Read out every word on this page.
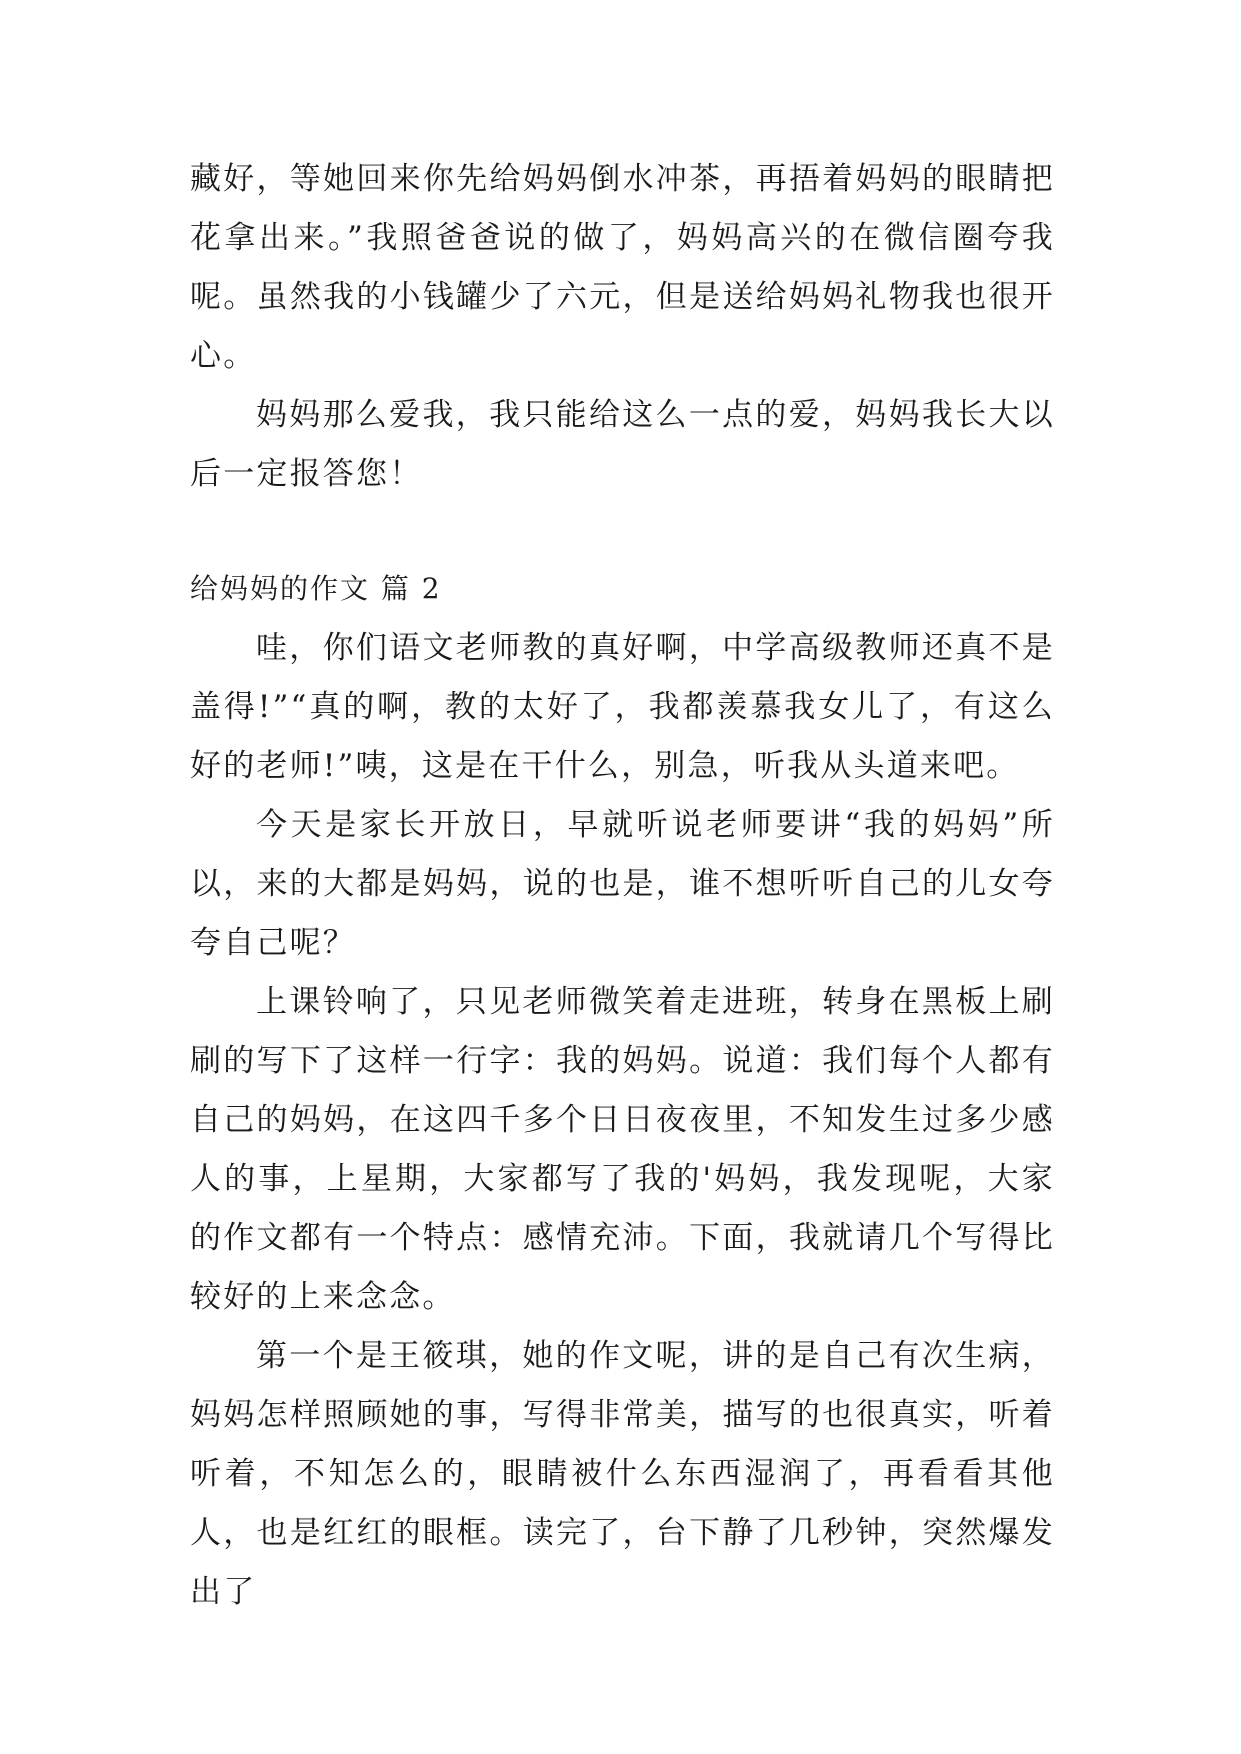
藏好，等她回来你先给妈妈倒水冲茶，再捂着妈妈的眼睛把花拿出来。”我照爸爸说的做了，妈妈高兴的在微信圈夸我呢。虽然我的小钱罐少了六元，但是送给妈妈礼物我也很开心。

妈妈那么爱我，我只能给这么一点的爱，妈妈我长大以后一定报答您！

给妈妈的作文 篇 2

哇，你们语文老师教的真好啊，中学高级教师还真不是盖得!”“真的啊，教的太好了，我都羡慕我女儿了，有这么好的老师!”咦，这是在干什么，别急，听我从头道来吧。

今天是家长开放日，早就听说老师要讲“我的妈妈”所以，来的大都是妈妈，说的也是，谁不想听听自己的儿女夸夸自己呢？

上课铃响了，只见老师微笑着走进班，转身在黑板上刷刷的写下了这样一行字：我的妈妈。说道：我们每个人都有自己的妈妈，在这四千多个日日夜夜里，不知发生过多少感人的事，上星期，大家都写了我的'妈妈，我发现呢，大家的作文都有一个特点：感情充沛。下面，我就请几个写得比较好的上来念念。

第一个是王筱琪，她的作文呢，讲的是自己有次生病，妈妈怎样照顾她的事，写得非常美，描写的也很真实，听着听着，不知怎么的，眼睛被什么东西湿润了，再看看其他人，也是红红的眼框。读完了，台下静了几秒钟，突然爆发出了
